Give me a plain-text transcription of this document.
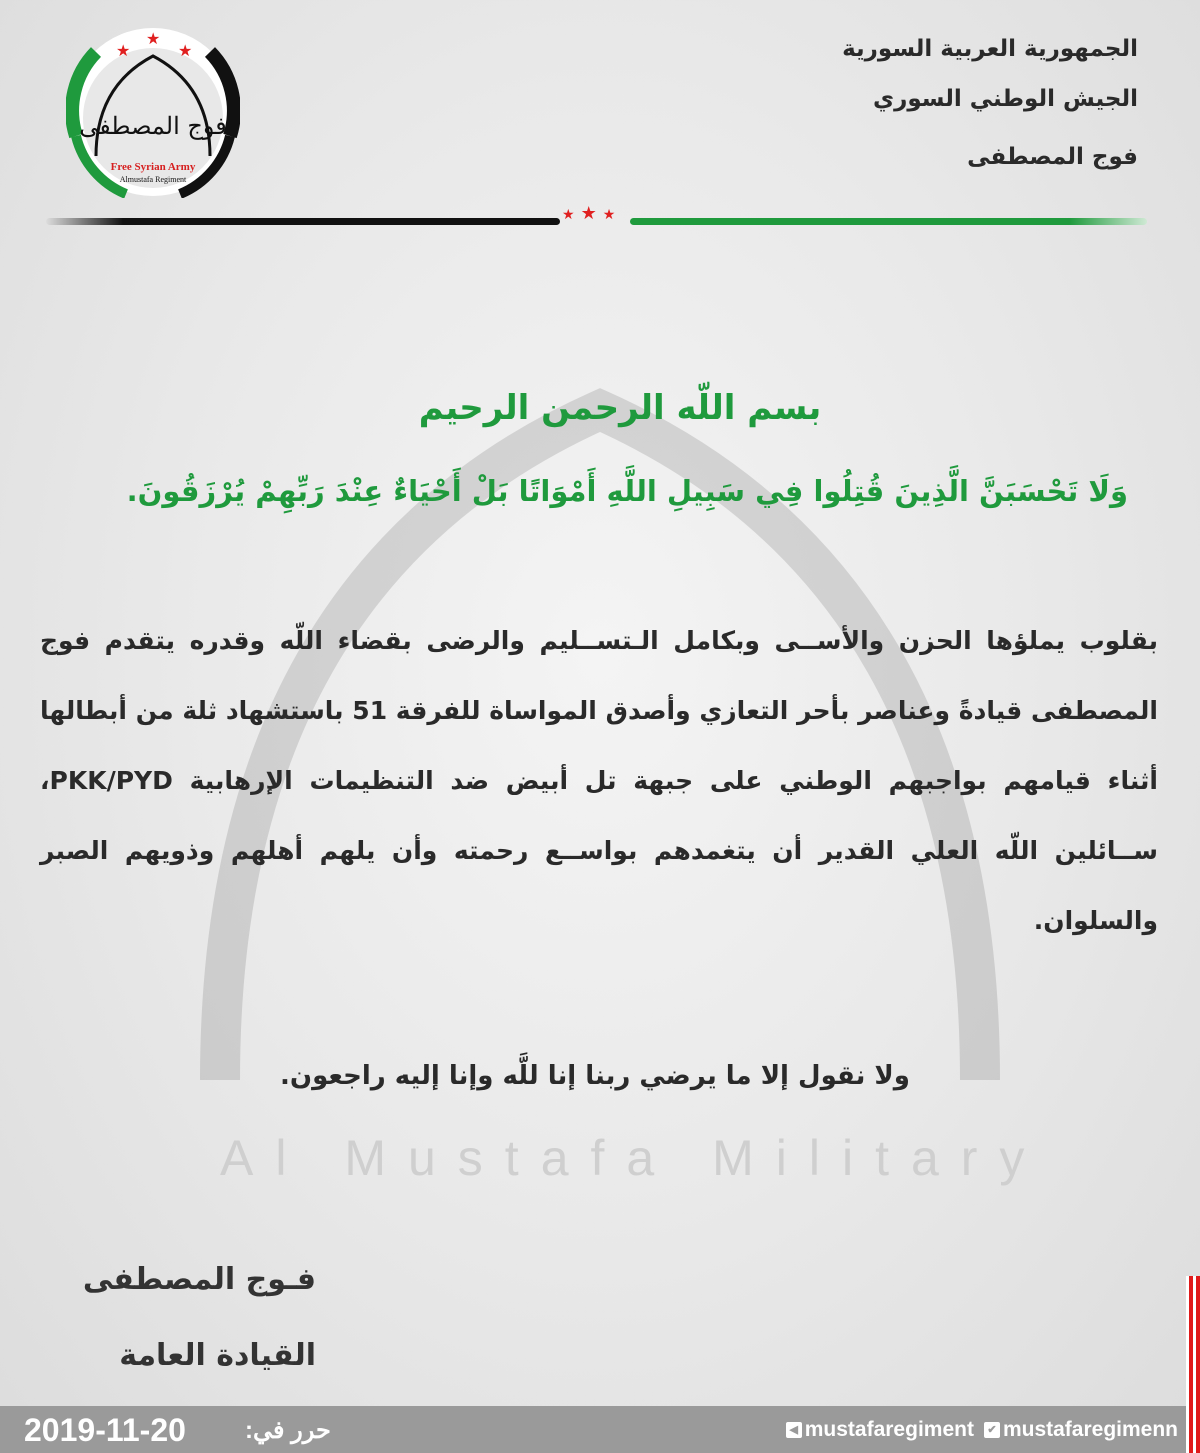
★
★
★
فوج المصطفى
Free Syrian Army
Almustafa Regiment
الجمهورية العربية السورية
الجيش الوطني السوري
فوج المصطفى
★★★
Al Mustafa Military
بسم اللّه الرحمن الرحيم
وَلَا تَحْسَبَنَّ الَّذِينَ قُتِلُوا فِي سَبِيلِ اللَّهِ أَمْوَاتًا بَلْ أَحْيَاءٌ عِنْدَ رَبِّهِمْ يُرْزَقُونَ.
بقلوب يملؤها الحزن والأســى وبكامل الـتســليم والرضى بقضاء اللّه وقدره يتقدم فوج المصطفى قيادةً وعناصر بأحر التعازي وأصدق المواساة للفرقة 51 باستشهاد ثلة من أبطالها أثناء قيامهم بواجبهم الوطني على جبهة تل أبيض ضد التنظيمات الإرهابية PKK/PYD، ســائلين اللّه العلي القدير أن يتغمدهم بواســع رحمته وأن يلهم أهلهم وذويهم الصبر والسلوان.
ولا نقول إلا ما يرضي ربنا إنا للَّه وإنا إليه راجعون.
فـوج المصطفى
القيادة العامة
2019-11-20 حرر في:	◀ mustafaregiment	✔ mustafaregimenn
